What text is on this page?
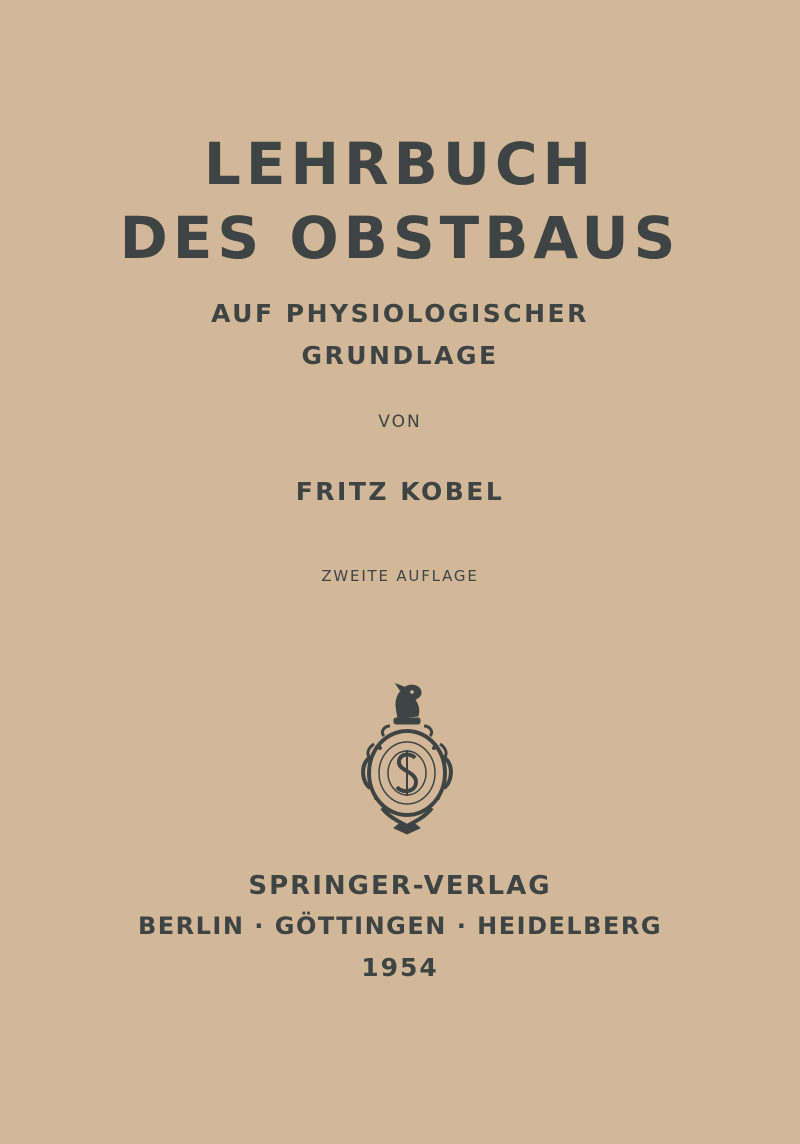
LEHRBUCH
DES OBSTBAUS
AUF PHYSIOLOGISCHER
GRUNDLAGE

VON

FRITZ KOBEL

ZWEITE AUFLAGE

SPRINGER-VERLAG

BERLIN · GÖTTINGEN · HEIDELBERG

1954
